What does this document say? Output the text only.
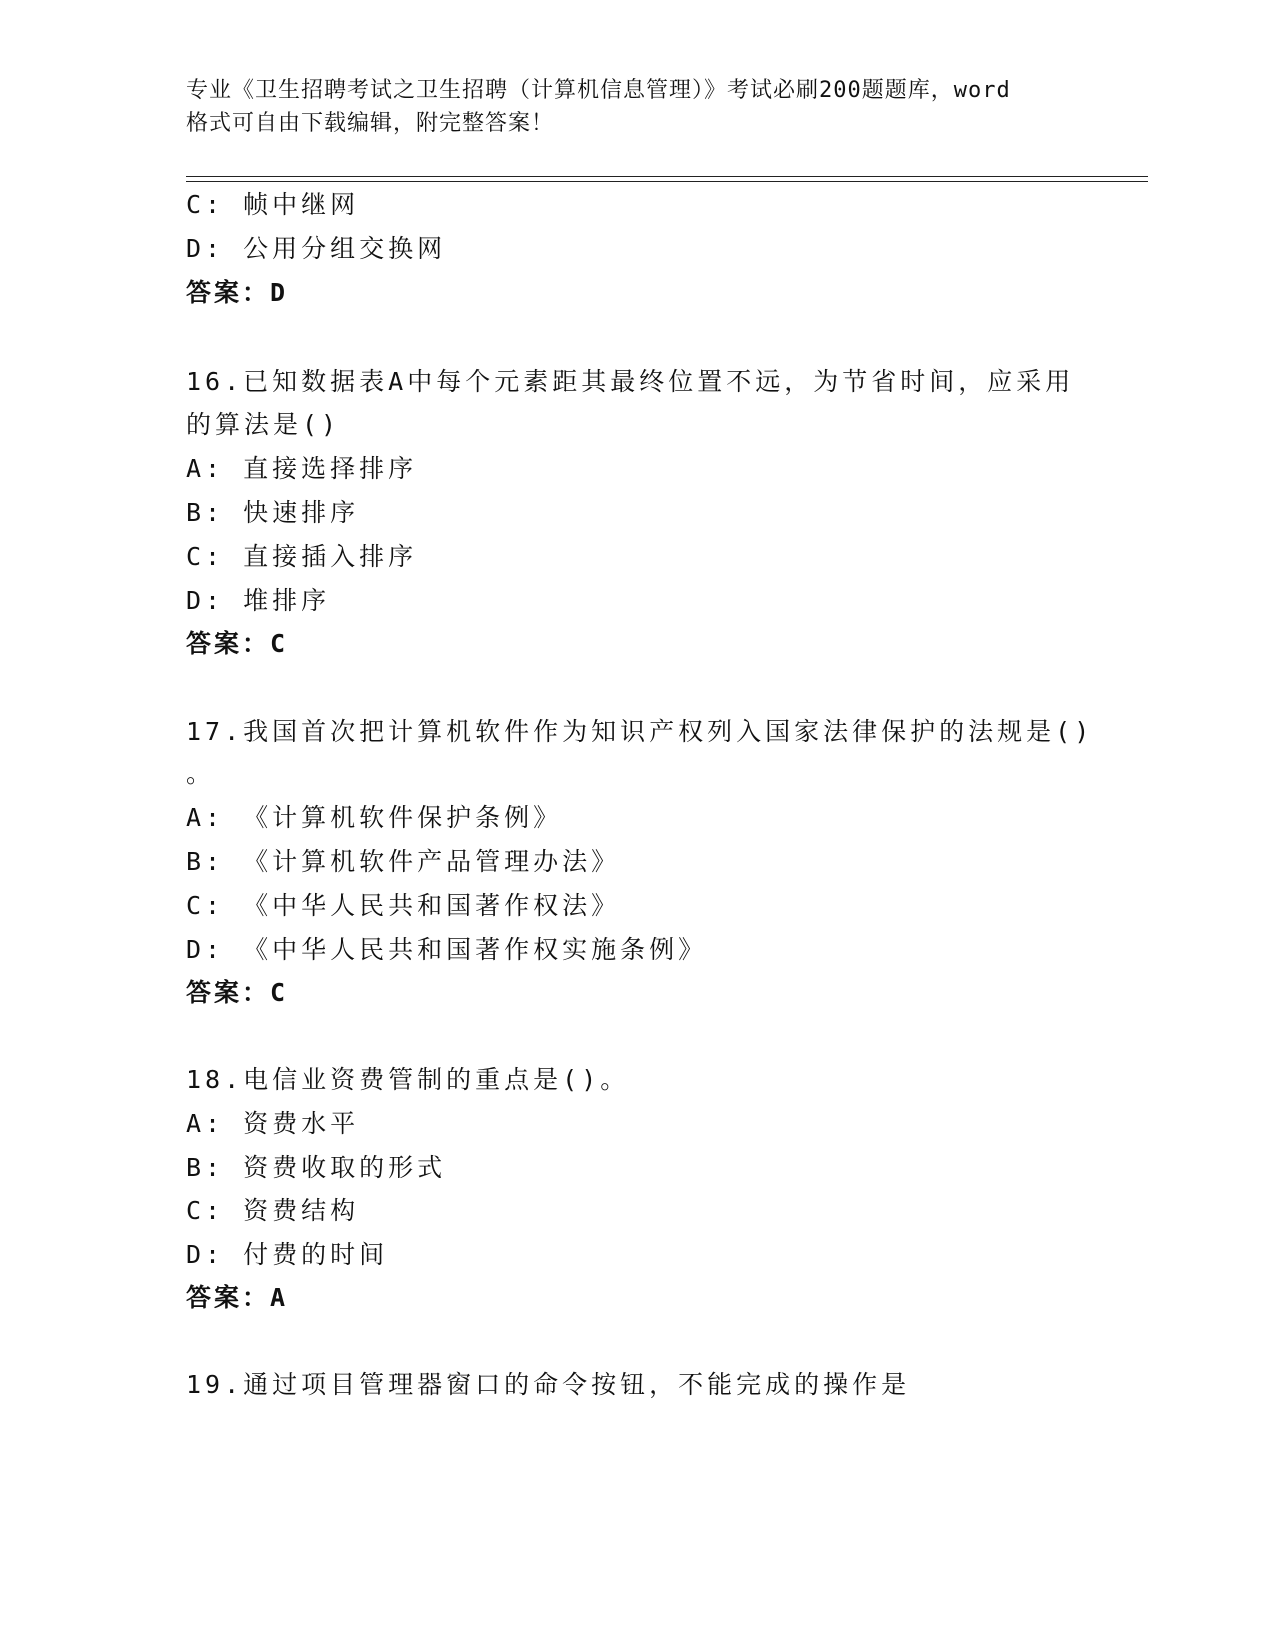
专业《卫生招聘考试之卫生招聘（计算机信息管理）》考试必刷200题题库，word
格式可自由下载编辑，附完整答案！
C: 帧中继网
D: 公用分组交换网
答案：D
16.已知数据表A中每个元素距其最终位置不远，为节省时间，应采用
的算法是()
A: 直接选择排序
B: 快速排序
C: 直接插入排序
D: 堆排序
答案：C
17.我国首次把计算机软件作为知识产权列入国家法律保护的法规是()
。
A: 《计算机软件保护条例》
B: 《计算机软件产品管理办法》
C: 《中华人民共和国著作权法》
D: 《中华人民共和国著作权实施条例》
答案：C
18.电信业资费管制的重点是()。
A: 资费水平
B: 资费收取的形式
C: 资费结构
D: 付费的时间
答案：A
19.通过项目管理器窗口的命令按钮，不能完成的操作是
